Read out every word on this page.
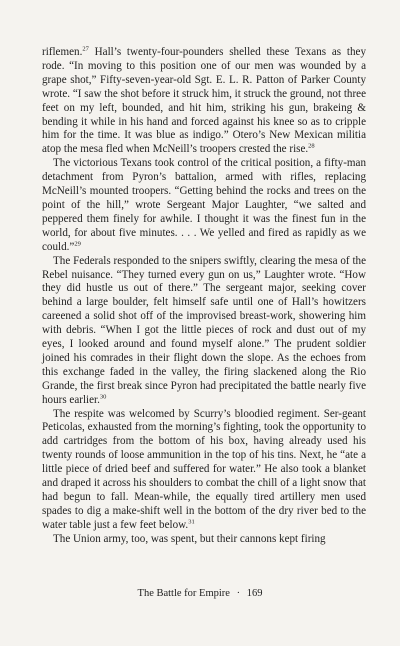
riflemen.$^{27}$ Hall’s twenty-four-pounders shelled these Texans as they rode. “In moving to this position one of our men was wounded by a grape shot,” Fifty-seven-year-old Sgt. E. L. R. Patton of Parker County wrote. “I saw the shot before it struck him, it struck the ground, not three feet on my left, bounded, and hit him, striking his gun, brakeing & bending it while in his hand and forced against his knee so as to cripple him for the time. It was blue as indigo.” Otero’s New Mexican militia atop the mesa fled when McNeill’s troopers crested the rise.$^{28}$

The victorious Texans took control of the critical position, a fifty-man detachment from Pyron’s battalion, armed with rifles, replacing McNeill’s mounted troopers. “Getting behind the rocks and trees on the point of the hill,” wrote Sergeant Major Laughter, “we salted and peppered them finely for awhile. I thought it was the finest fun in the world, for about five minutes. . . . We yelled and fired as rapidly as we could.”$^{29}$

The Federals responded to the snipers swiftly, clearing the mesa of the Rebel nuisance. “They turned every gun on us,” Laughter wrote. “How they did hustle us out of there.” The sergeant major, seeking cover behind a large boulder, felt himself safe until one of Hall’s howitzers careened a solid shot off of the improvised breast-work, showering him with debris. “When I got the little pieces of rock and dust out of my eyes, I looked around and found myself alone.” The prudent soldier joined his comrades in their flight down the slope. As the echoes from this exchange faded in the valley, the firing slackened along the Rio Grande, the first break since Pyron had precipitated the battle nearly five hours earlier.$^{30}$

The respite was welcomed by Scurry’s bloodied regiment. Ser-geant Peticolas, exhausted from the morning’s fighting, took the opportunity to add cartridges from the bottom of his box, having already used his twenty rounds of loose ammunition in the top of his tins. Next, he “ate a little piece of dried beef and suffered for water.” He also took a blanket and draped it across his shoulders to combat the chill of a light snow that had begun to fall. Mean-while, the equally tired artillery men used spades to dig a make-shift well in the bottom of the dry river bed to the water table just a few feet below.$^{31}$

The Union army, too, was spent, but their cannons kept firing

The Battle for Empire · 169
